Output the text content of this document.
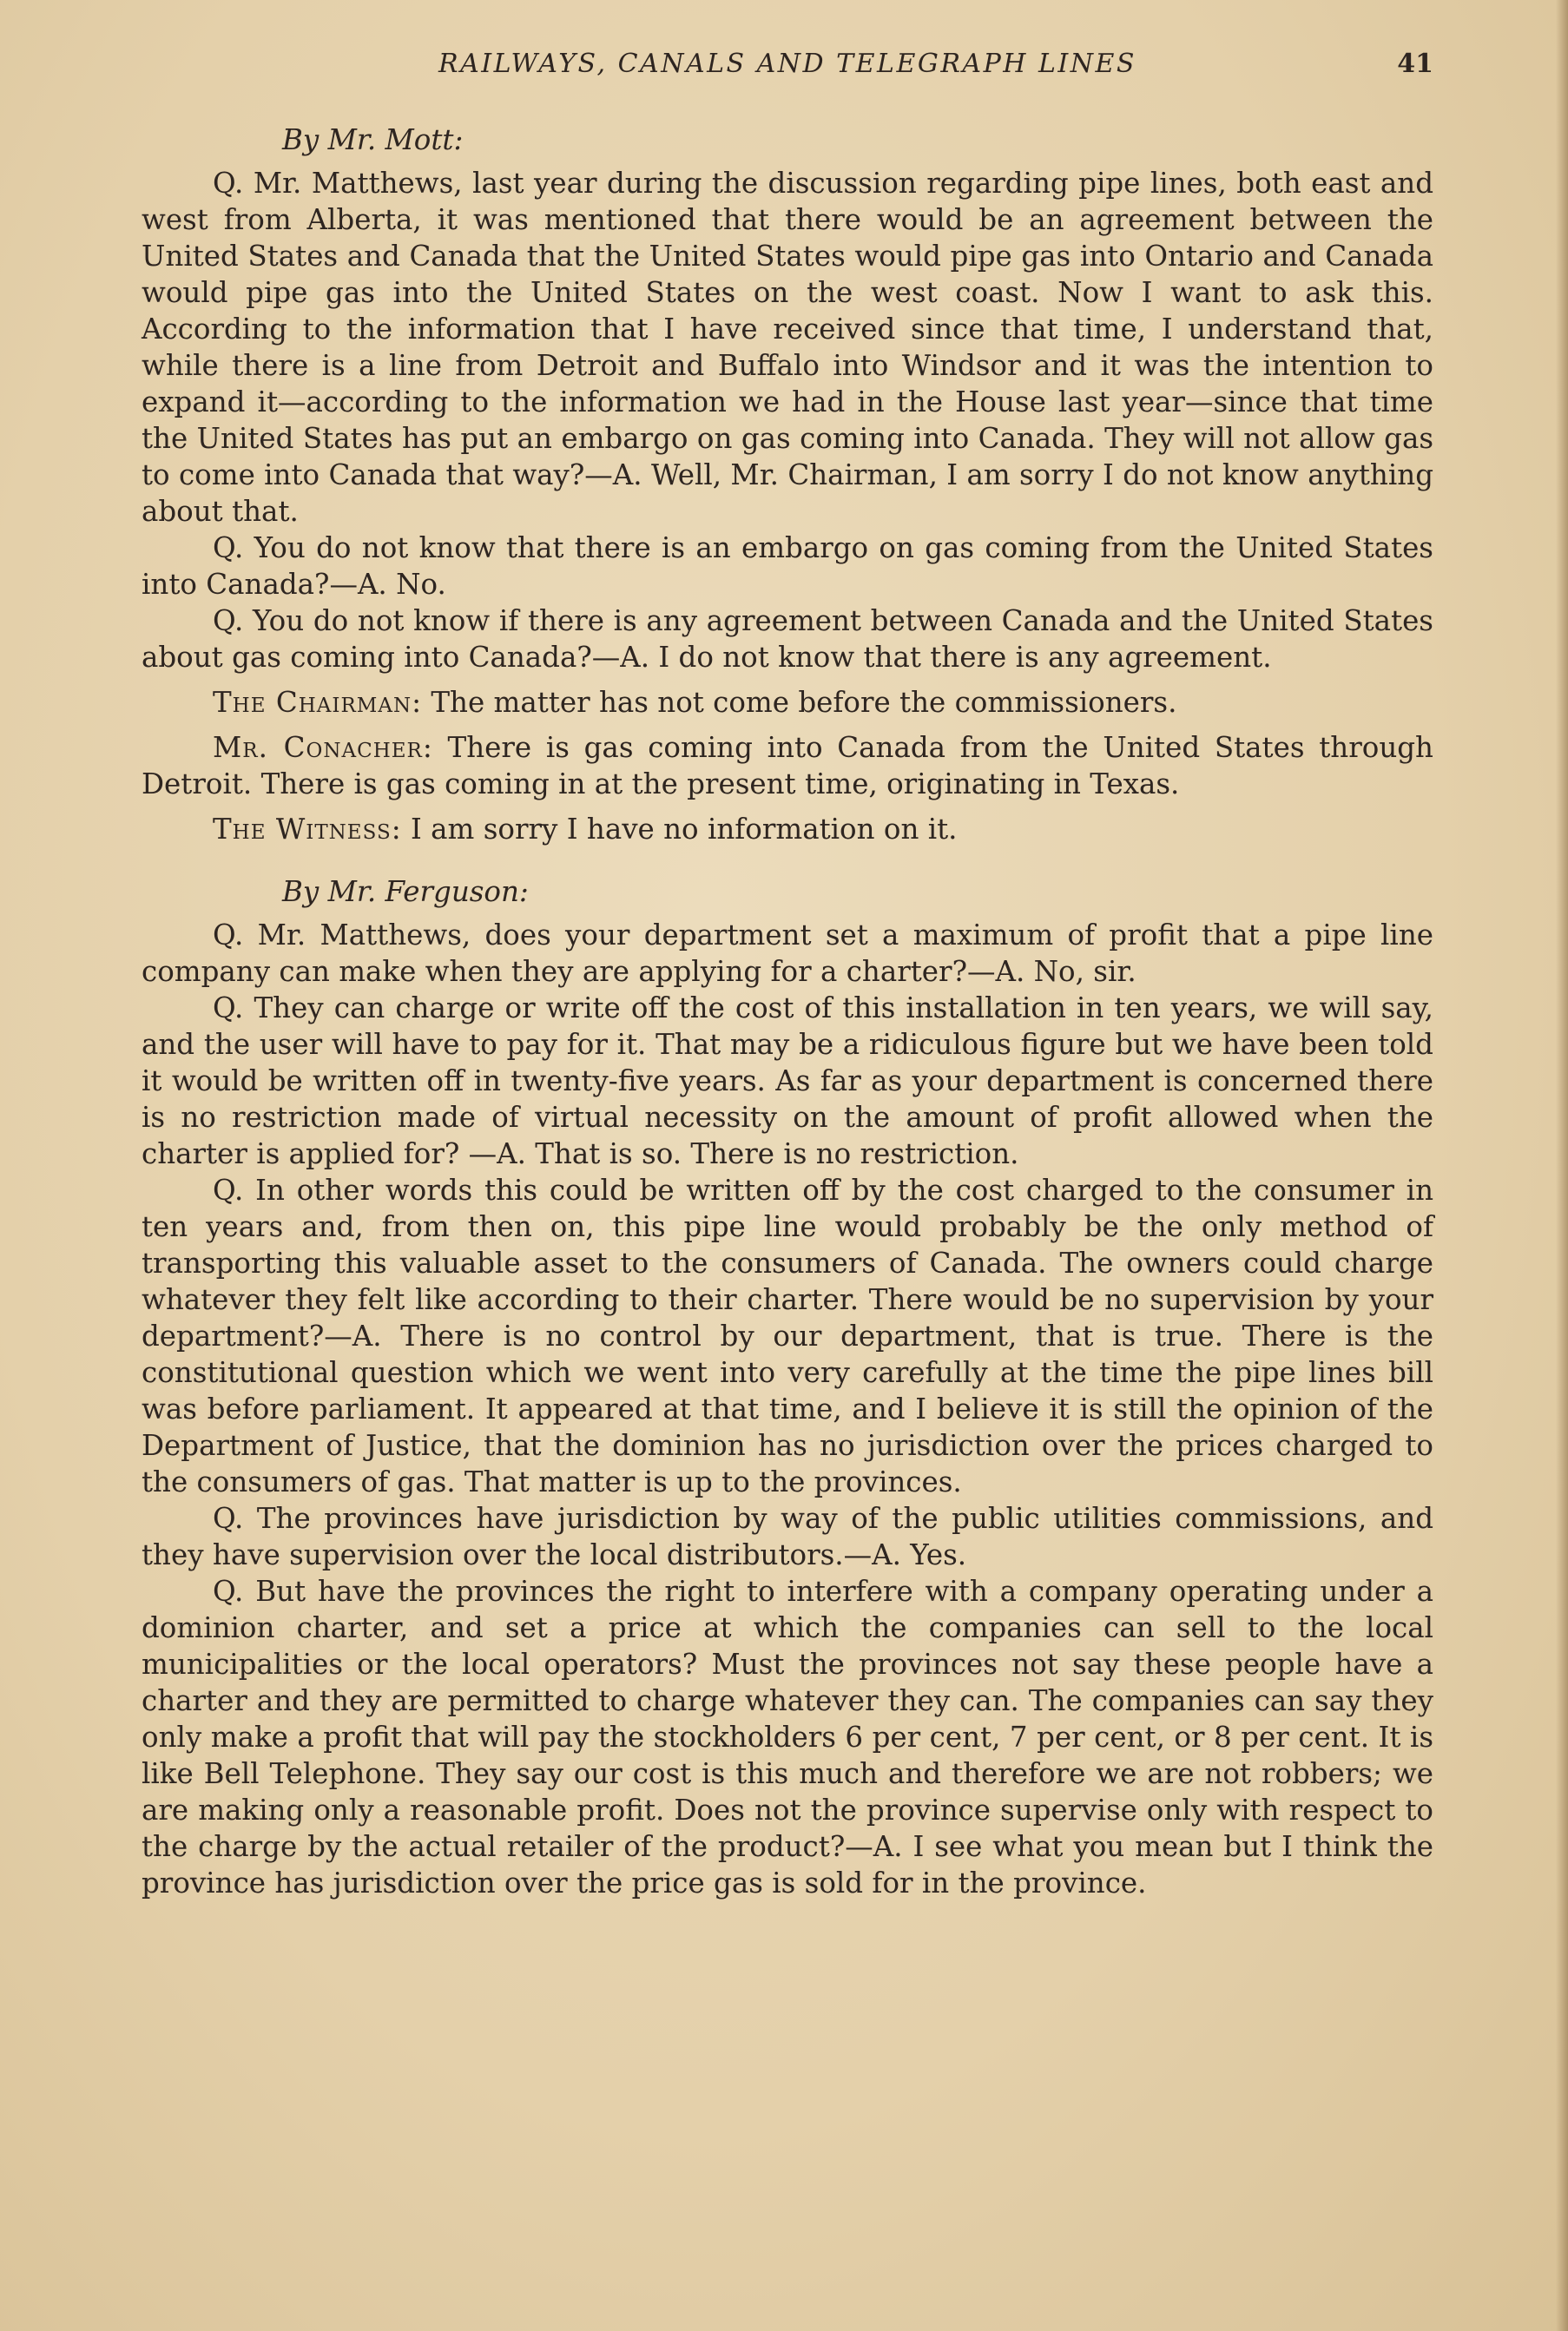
RAILWAYS, CANALS AND TELEGRAPH LINES	41
By Mr. Mott:

Q. Mr. Matthews, last year during the discussion regarding pipe lines, both east and west from Alberta, it was mentioned that there would be an agreement between the United States and Canada that the United States would pipe gas into Ontario and Canada would pipe gas into the United States on the west coast. Now I want to ask this. According to the information that I have received since that time, I understand that, while there is a line from Detroit and Buffalo into Windsor and it was the intention to expand it—according to the information we had in the House last year—since that time the United States has put an embargo on gas coming into Canada. They will not allow gas to come into Canada that way?—A. Well, Mr. Chairman, I am sorry I do not know anything about that.

Q. You do not know that there is an embargo on gas coming from the United States into Canada?—A. No.

Q. You do not know if there is any agreement between Canada and the United States about gas coming into Canada?—A. I do not know that there is any agreement.

The Chairman: The matter has not come before the commissioners.

Mr. Conacher: There is gas coming into Canada from the United States through Detroit. There is gas coming in at the present time, originating in Texas.

The Witness: I am sorry I have no information on it.

By Mr. Ferguson:

Q. Mr. Matthews, does your department set a maximum of profit that a pipe line company can make when they are applying for a charter?—A. No, sir.

Q. They can charge or write off the cost of this installation in ten years, we will say, and the user will have to pay for it. That may be a ridiculous figure but we have been told it would be written off in twenty-five years. As far as your department is concerned there is no restriction made of virtual necessity on the amount of profit allowed when the charter is applied for? —A. That is so. There is no restriction.

Q. In other words this could be written off by the cost charged to the consumer in ten years and, from then on, this pipe line would probably be the only method of transporting this valuable asset to the consumers of Canada. The owners could charge whatever they felt like according to their charter. There would be no supervision by your department?—A. There is no control by our department, that is true. There is the constitutional question which we went into very carefully at the time the pipe lines bill was before parliament. It appeared at that time, and I believe it is still the opinion of the Department of Justice, that the dominion has no jurisdiction over the prices charged to the consumers of gas. That matter is up to the provinces.

Q. The provinces have jurisdiction by way of the public utilities commissions, and they have supervision over the local distributors.—A. Yes.

Q. But have the provinces the right to interfere with a company operating under a dominion charter, and set a price at which the companies can sell to the local municipalities or the local operators? Must the provinces not say these people have a charter and they are permitted to charge whatever they can. The companies can say they only make a profit that will pay the stockholders 6 per cent, 7 per cent, or 8 per cent. It is like Bell Telephone. They say our cost is this much and therefore we are not robbers; we are making only a reasonable profit. Does not the province supervise only with respect to the charge by the actual retailer of the product?—A. I see what you mean but I think the province has jurisdiction over the price gas is sold for in the province.
